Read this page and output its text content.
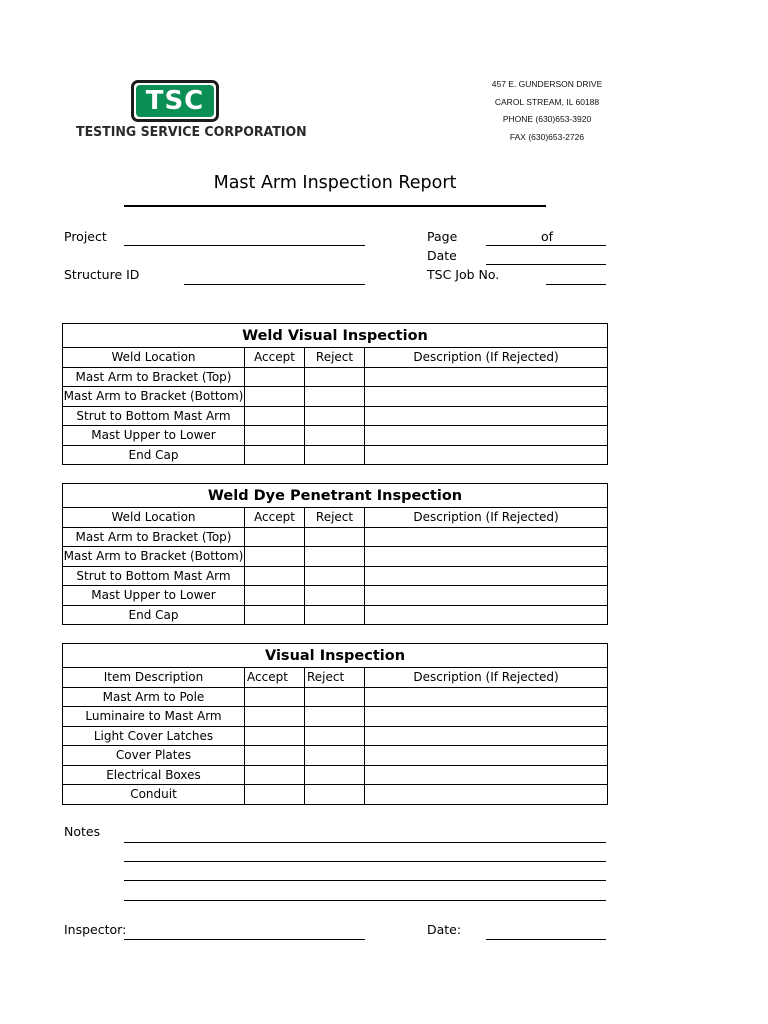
TSC
TESTING SERVICE CORPORATION
457 E. GUNDERSON DRIVE
CAROL STREAM, IL 60188
PHONE (630)653-3920
FAX (630)653-2726
Mast Arm Inspection Report
Project	Page	of
Date
Structure ID	TSC Job No.
Weld Visual Inspection			
Weld Location	Accept	Reject	Description (If Rejected)
Mast Arm to Bracket (Top)			
Mast Arm to Bracket (Bottom)			
Strut to Bottom Mast Arm			
Mast Upper to Lower			
End Cap			
Weld Dye Penetrant Inspection			
Weld Location	Accept	Reject	Description (If Rejected)
Mast Arm to Bracket (Top)			
Mast Arm to Bracket (Bottom)			
Strut to Bottom Mast Arm			
Mast Upper to Lower			
End Cap			
Visual Inspection			
Item Description	Accept	Reject	Description (If Rejected)
Mast Arm to Pole			
Luminaire to Mast Arm			
Light Cover Latches			
Cover Plates			
Electrical Boxes			
Conduit			
Notes
Inspector:	Date:
